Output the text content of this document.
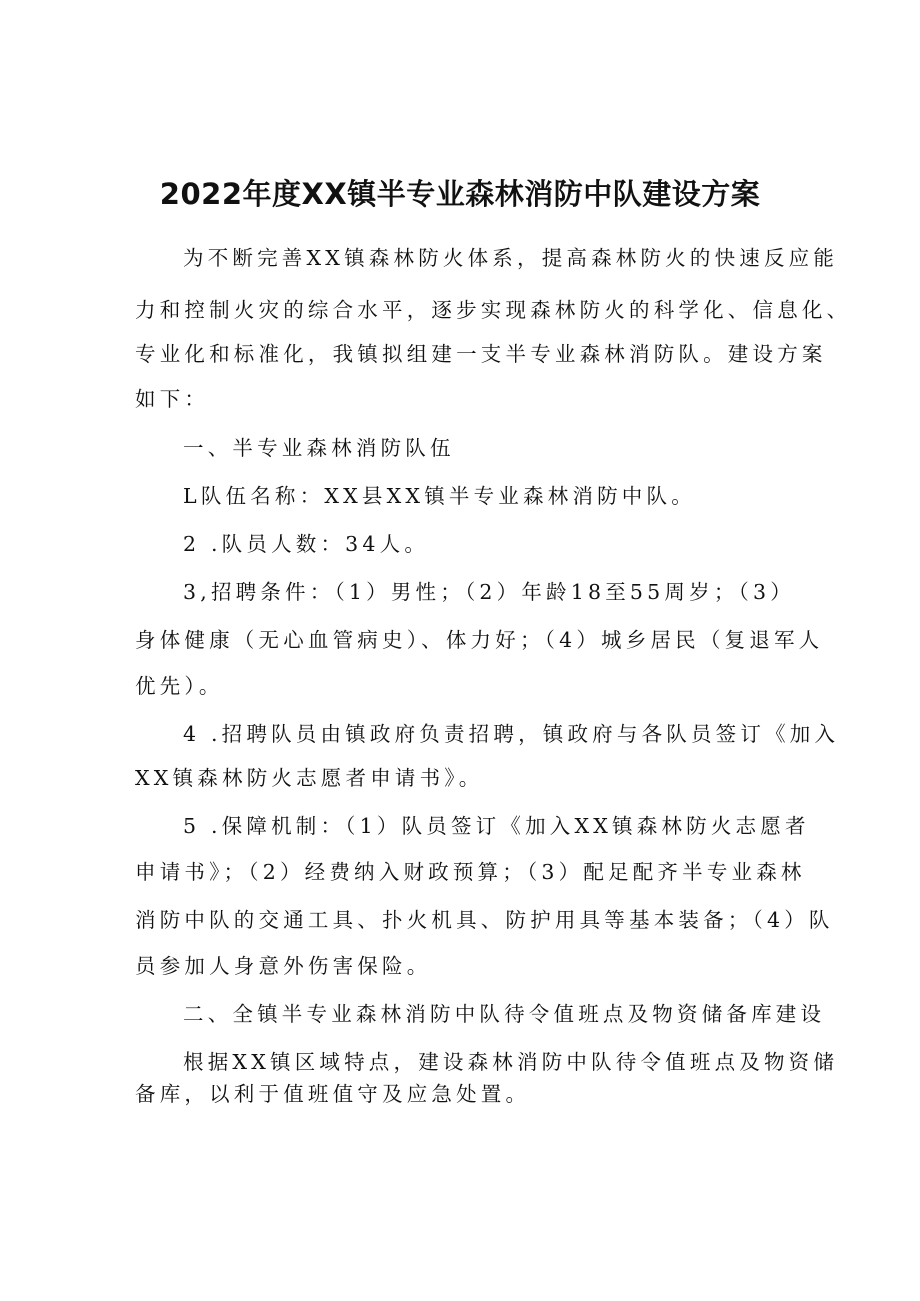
2022年度XX镇半专业森林消防中队建设方案

为不断完善XX镇森林防火体系，提高森林防火的快速反应能

力和控制火灾的综合水平，逐步实现森林防火的科学化、信息化、

专业化和标准化，我镇拟组建一支半专业森林消防队。建设方案

如下：

一、半专业森林消防队伍

L队伍名称：XX县XX镇半专业森林消防中队。

2 .队员人数：34人。

3,招聘条件：（1）男性；（2）年龄18至55周岁；（3）

身体健康（无心血管病史）、体力好；（4）城乡居民（复退军人

优先）。

4 .招聘队员由镇政府负责招聘，镇政府与各队员签订《加入

XX镇森林防火志愿者申请书》。

5 .保障机制：（1）队员签订《加入XX镇森林防火志愿者

申请书》；（2）经费纳入财政预算；（3）配足配齐半专业森林

消防中队的交通工具、扑火机具、防护用具等基本装备；（4）队

员参加人身意外伤害保险。

二、全镇半专业森林消防中队待令值班点及物资储备库建设

根据XX镇区域特点，建设森林消防中队待令值班点及物资储

备库，以利于值班值守及应急处置。
